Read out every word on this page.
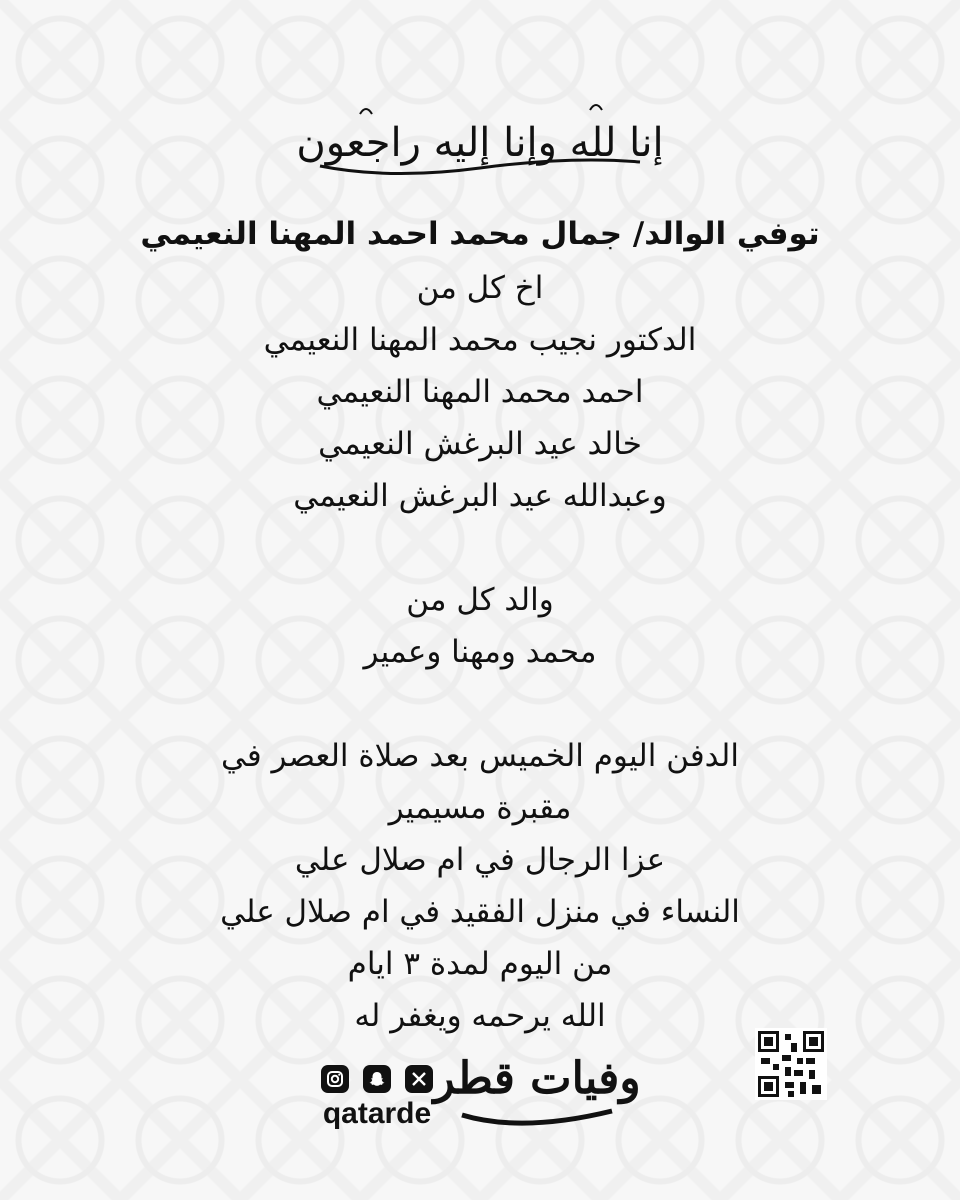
إنا لله وإنا إليه راجعون
توفي الوالد/ جمال محمد احمد المهنا النعيمي
اخ كل من
الدكتور نجيب محمد المهنا النعيمي
احمد محمد المهنا النعيمي
خالد عيد البرغش النعيمي
وعبدالله عيد البرغش النعيمي
والد كل من
محمد ومهنا وعمير
الدفن اليوم الخميس بعد صلاة العصر في
مقبرة مسيمير
عزا الرجال في ام صلال علي
النساء في منزل الفقيد في ام صلال علي
من اليوم لمدة ٣ ايام
الله يرحمه ويغفر له
وفيات قطر
qatarde
